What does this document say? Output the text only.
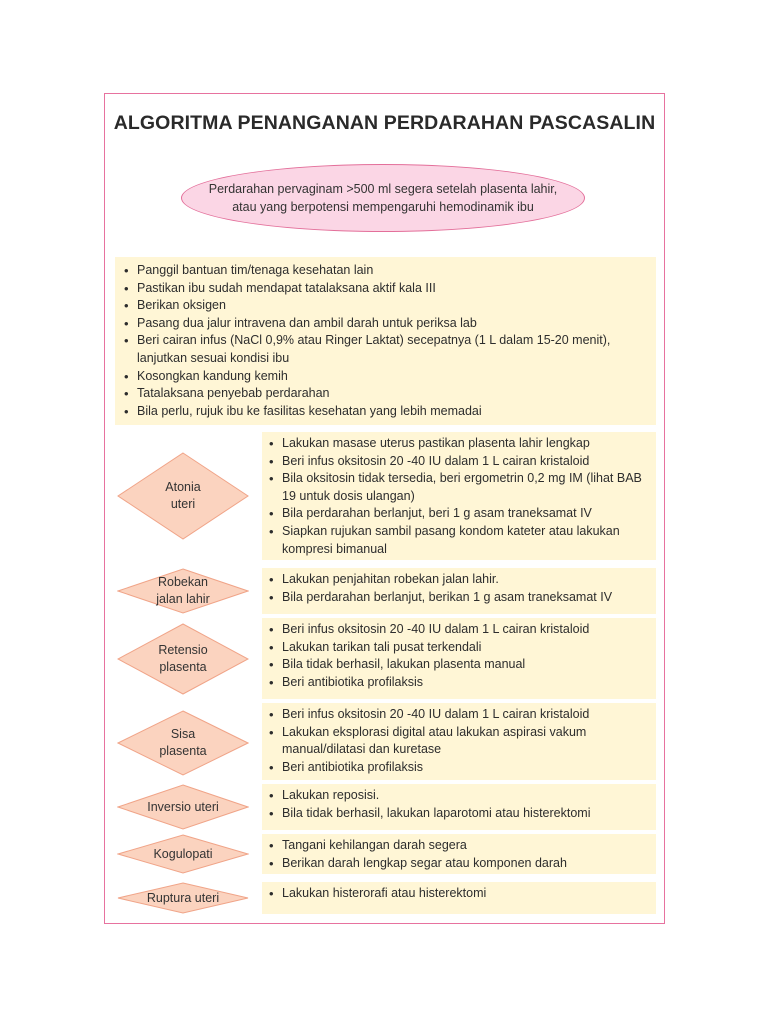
ALGORITMA PENANGANAN PERDARAHAN PASCASALIN
Perdarahan pervaginam >500 ml segera setelah plasenta lahir, atau yang berpotensi mempengaruhi hemodinamik ibu
• Panggil bantuan tim/tenaga kesehatan lain
• Pastikan ibu sudah mendapat tatalaksana aktif kala III
• Berikan oksigen
• Pasang dua jalur intravena dan ambil darah untuk periksa lab
• Beri cairan infus (NaCl 0,9% atau Ringer Laktat) secepatnya (1 L dalam 15-20 menit), lanjutkan sesuai kondisi ibu
• Kosongkan kandung kemih
• Tatalaksana penyebab perdarahan
• Bila perlu, rujuk ibu ke fasilitas kesehatan yang lebih memadai
Atonia
uteri
• Lakukan masase uterus pastikan plasenta lahir lengkap
• Beri infus oksitosin 20 -40 IU dalam 1 L cairan kristaloid
• Bila oksitosin tidak tersedia, beri ergometrin 0,2 mg IM (lihat BAB 19 untuk dosis ulangan)
• Bila perdarahan berlanjut, beri 1 g asam traneksamat IV
• Siapkan rujukan sambil pasang kondom kateter atau lakukan kompresi bimanual
Robekan
jalan lahir
• Lakukan penjahitan robekan jalan lahir.
• Bila perdarahan berlanjut, berikan 1 g asam traneksamat IV
Retensio
plasenta
• Beri infus oksitosin 20 -40 IU dalam 1 L cairan kristaloid
• Lakukan tarikan tali pusat terkendali
• Bila tidak berhasil, lakukan plasenta manual
• Beri antibiotika profilaksis
Sisa
plasenta
• Beri infus oksitosin 20 -40 IU dalam 1 L cairan kristaloid
• Lakukan eksplorasi digital atau lakukan aspirasi vakum manual/dilatasi dan kuretase
• Beri antibiotika profilaksis
Inversio uteri
• Lakukan reposisi.
• Bila tidak berhasil, lakukan laparotomi atau histerektomi
Kogulopati
• Tangani kehilangan darah segera
• Berikan darah lengkap segar atau komponen darah
Ruptura uteri
•	Lakukan histerorafi atau histerektomi
